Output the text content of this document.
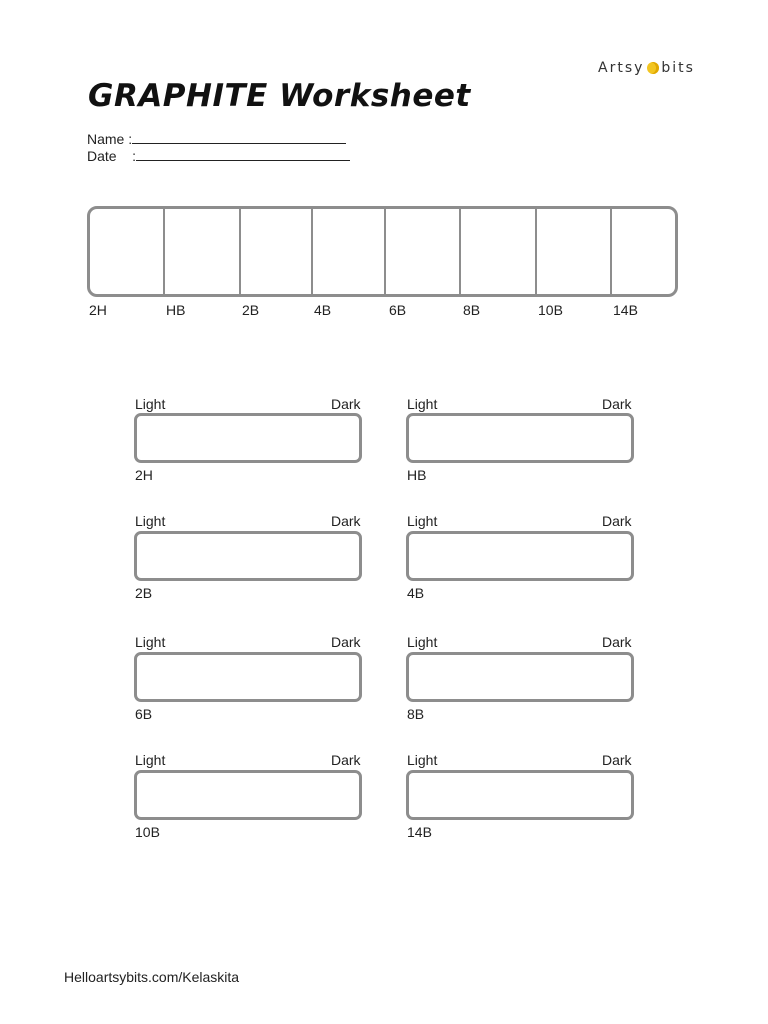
Artsy bits
GRAPHITE Worksheet
Name :
Date    :
2H	HB	2B	4B	6B	8B	10B	14B
Light	Dark
2H
Light	Dark
HB
Light	Dark
2B
Light	Dark
4B
Light	Dark
6B
Light	Dark
8B
Light	Dark
10B
Light	Dark
14B
Helloartsybits.com/Kelaskita
